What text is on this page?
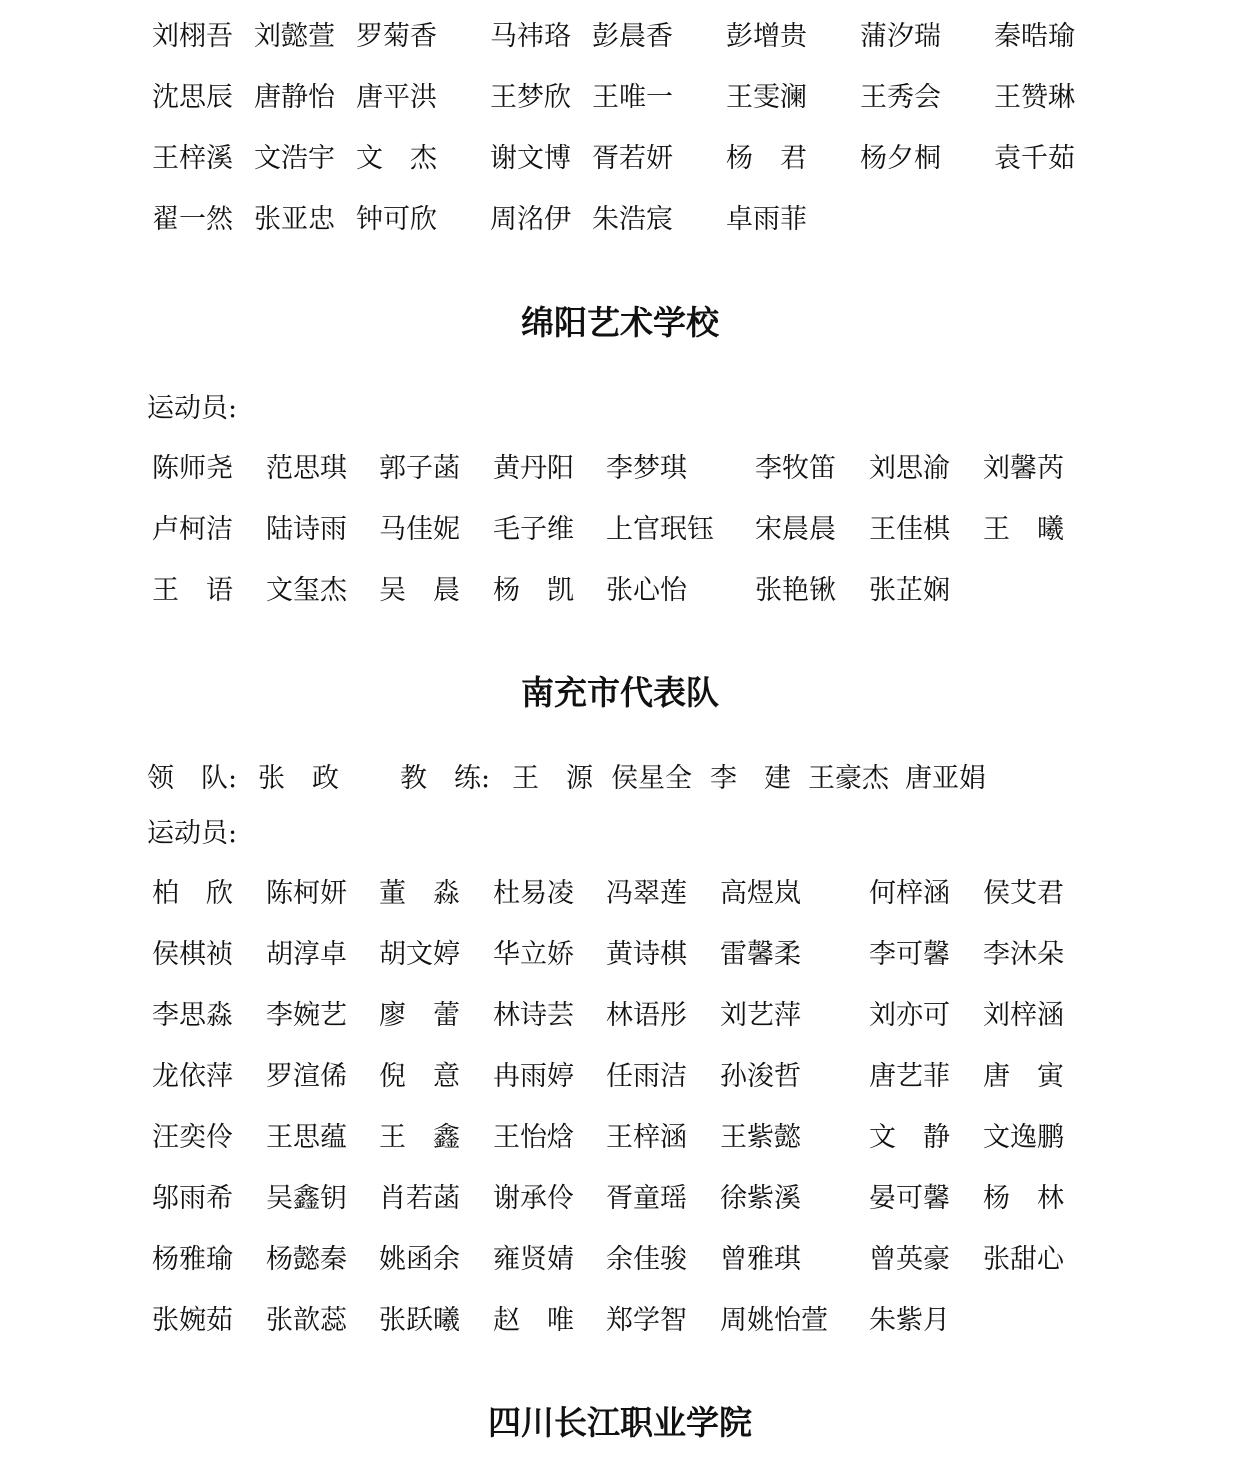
刘栩吾 刘懿萱 罗菊香 马祎珞 彭晨香 彭增贵 蒲汐瑞 秦晧瑜
沈思辰 唐静怡 唐平洪 王梦欣 王唯一 王雯澜 王秀会 王赞琳
王梓溪 文浩宇 文　杰 谢文博 胥若妍 杨　君 杨夕桐 袁千茹
翟一然 张亚忠 钟可欣 周洺伊 朱浩宸 卓雨菲
绵阳艺术学校
运动员:
陈师尧 范思琪 郭子菡 黄丹阳 李梦琪	李牧笛 刘思渝 刘馨芮
卢柯洁 陆诗雨 马佳妮 毛子维 上官珉钰 宋晨晨 王佳棋 王　曦
王　语 文玺杰 吴　晨 杨　凯 张心怡	张艳锹 张芷娴
南充市代表队

领　队:

张　政

教　练:

王　源

侯星全

李　建

王豪杰

唐亚娟

运动员:
柏　欣 陈柯妍 董　淼 杜易凌 冯翠莲 高煜岚	何梓涵 侯艾君
侯棋祯 胡淳卓 胡文婷 华立娇 黄诗棋 雷馨柔	李可馨 李沐朵
李思淼 李婉艺 廖　蕾 林诗芸 林语彤 刘艺萍	刘亦可 刘梓涵
龙依萍 罗渲俙 倪　意 冉雨婷 任雨洁 孙浚哲	唐艺菲 唐　寅
汪奕伶 王思蕴 王　鑫 王怡焓 王梓涵 王紫懿	文　静 文逸鹏
邬雨希 吴鑫钥 肖若菡 谢承伶 胥童瑶 徐紫溪	晏可馨 杨　林
杨雅瑜 杨懿秦 姚函余 雍贤婧 余佳骏 曾雅琪	曾英豪 张甜心
张婉茹 张歆蕊 张跃曦 赵　唯 郑学智 周姚怡萱 朱紫月
四川长江职业学院
